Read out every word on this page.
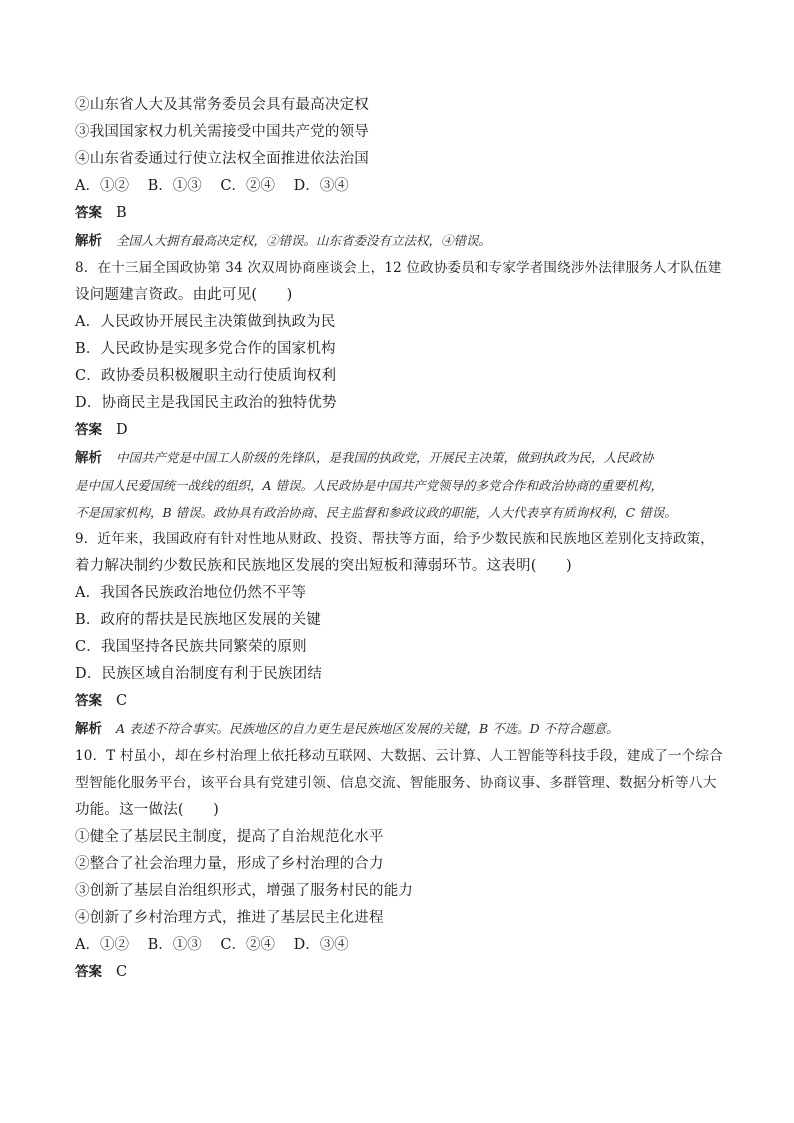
②山东省人大及其常务委员会具有最高决定权
③我国国家权力机关需接受中国共产党的领导
④山东省委通过行使立法权全面推进依法治国
A．①② B．①③ C．②④ D．③④
答案 B
解析 全国人大拥有最高决定权，②错误。山东省委没有立法权，④错误。
8．在十三届全国政协第 34 次双周协商座谈会上，12 位政协委员和专家学者围绕涉外法律服务人才队伍建
设问题建言资政。由此可见(　　)
A．人民政协开展民主决策做到执政为民
B．人民政协是实现多党合作的国家机构
C．政协委员积极履职主动行使质询权利
D．协商民主是我国民主政治的独特优势
答案 D
解析 中国共产党是中国工人阶级的先锋队，是我国的执政党，开展民主决策，做到执政为民，人民政协
是中国人民爱国统一战线的组织，A 错误。人民政协是中国共产党领导的多党合作和政治协商的重要机构，
不是国家机构，B 错误。政协具有政治协商、民主监督和参政议政的职能，人大代表享有质询权利，C 错误。
9．近年来，我国政府有针对性地从财政、投资、帮扶等方面，给予少数民族和民族地区差别化支持政策，
着力解决制约少数民族和民族地区发展的突出短板和薄弱环节。这表明(　　)
A．我国各民族政治地位仍然不平等
B．政府的帮扶是民族地区发展的关键
C．我国坚持各民族共同繁荣的原则
D．民族区域自治制度有利于民族团结
答案 C
解析 A 表述不符合事实。民族地区的自力更生是民族地区发展的关键，B 不选。D 不符合题意。
10．T 村虽小，却在乡村治理上依托移动互联网、大数据、云计算、人工智能等科技手段，建成了一个综合
型智能化服务平台，该平台具有党建引领、信息交流、智能服务、协商议事、多群管理、数据分析等八大
功能。这一做法(　　)
①健全了基层民主制度，提高了自治规范化水平
②整合了社会治理力量，形成了乡村治理的合力
③创新了基层自治组织形式，增强了服务村民的能力
④创新了乡村治理方式，推进了基层民主化进程
A．①② B．①③ C．②④ D．③④
答案 C
